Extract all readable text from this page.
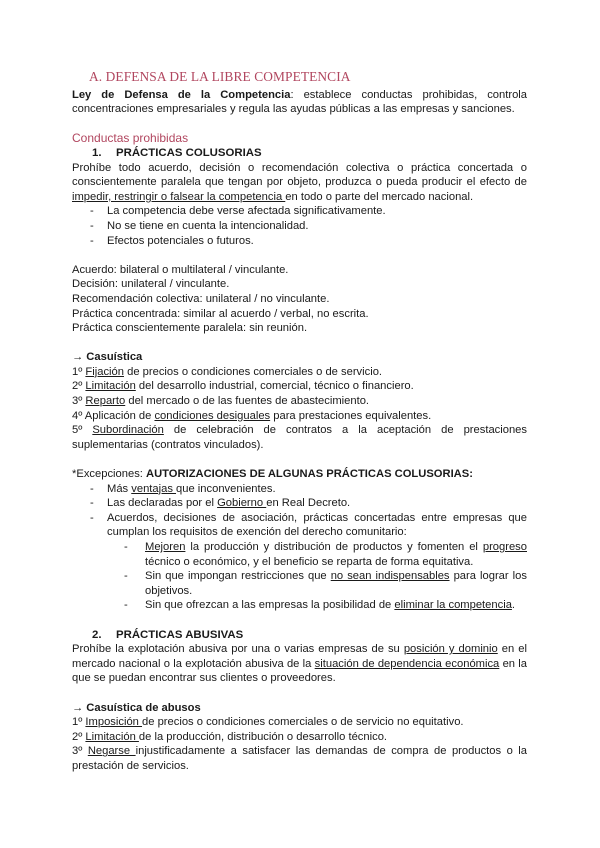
A. DEFENSA DE LA LIBRE COMPETENCIA

Ley de Defensa de la Competencia: establece conductas prohibidas, controla concentraciones empresariales y regula las ayudas públicas a las empresas y sanciones.

Conductas prohibidas
1. PRÁCTICAS COLUSORIAS

Prohíbe todo acuerdo, decisión o recomendación colectiva o práctica concertada o conscientemente paralela que tengan por objeto, produzca o pueda producir el efecto de impedir, restringir o falsear la competencia en todo o parte del mercado nacional.

-	La competencia debe verse afectada significativamente.
-	No se tiene en cuenta la intencionalidad.
-	Efectos potenciales o futuros.

Acuerdo: bilateral o multilateral / vinculante.

Decisión: unilateral / vinculante.

Recomendación colectiva: unilateral / no vinculante.

Práctica concentrada: similar al acuerdo / verbal, no escrita.

Práctica conscientemente paralela: sin reunión.

→ Casuística

1º Fijación de precios o condiciones comerciales o de servicio.

2º Limitación del desarrollo industrial, comercial, técnico o financiero.

3º Reparto del mercado o de las fuentes de abastecimiento.

4º Aplicación de condiciones desiguales para prestaciones equivalentes.

5º Subordinación de celebración de contratos a la aceptación de prestaciones suplementarias (contratos vinculados).

*Excepciones: AUTORIZACIONES DE ALGUNAS PRÁCTICAS COLUSORIAS:

-	Más ventajas que inconvenientes.
-	Las declaradas por el Gobierno en Real Decreto.
-	Acuerdos, decisiones de asociación, prácticas concertadas entre empresas que cumplan los requisitos de exención del derecho comunitario:
-	Mejoren la producción y distribución de productos y fomenten el progreso técnico o económico, y el beneficio se reparta de forma equitativa.
-	Sin que impongan restricciones que no sean indispensables para lograr los objetivos.
-	Sin que ofrezcan a las empresas la posibilidad de eliminar la competencia.
2. PRÁCTICAS ABUSIVAS

Prohíbe la explotación abusiva por una o varias empresas de su posición y dominio en el mercado nacional o la explotación abusiva de la situación de dependencia económica en la que se puedan encontrar sus clientes o proveedores.

→ Casuística de abusos

1º Imposición de precios o condiciones comerciales o de servicio no equitativo.

2º Limitación de la producción, distribución o desarrollo técnico.

3º Negarse injustificadamente a satisfacer las demandas de compra de productos o la prestación de servicios.
